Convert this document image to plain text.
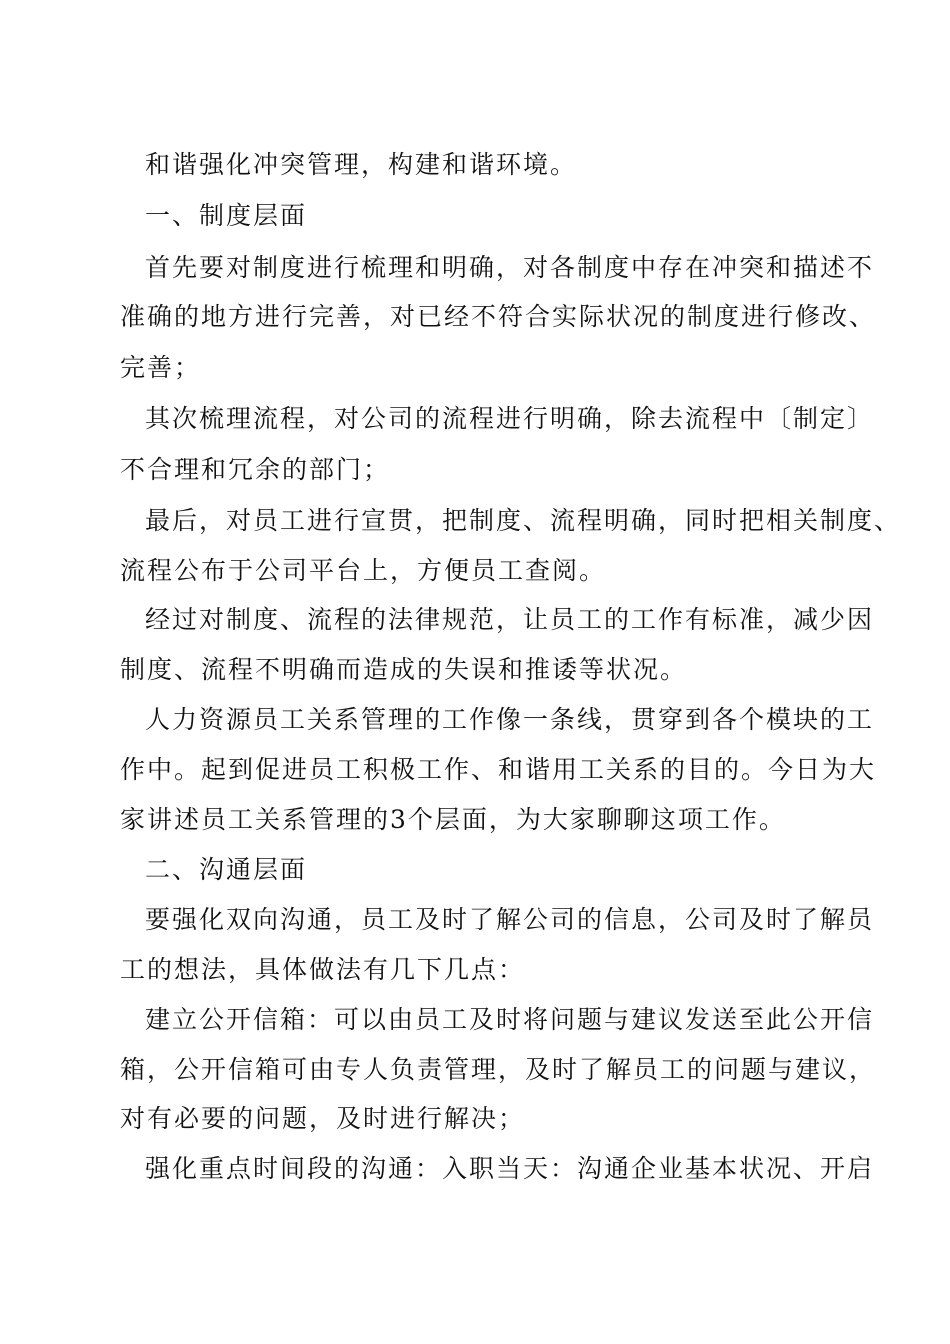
和谐强化冲突管理，构建和谐环境。
一、制度层面
首先要对制度进行梳理和明确，对各制度中存在冲突和描述不
准确的地方进行完善，对已经不符合实际状况的制度进行修改、
完善；
其次梳理流程，对公司的流程进行明确，除去流程中〔制定〕
不合理和冗余的部门；
最后，对员工进行宣贯，把制度、流程明确，同时把相关制度、
流程公布于公司平台上，方便员工查阅。
经过对制度、流程的法律规范，让员工的工作有标准，减少因
制度、流程不明确而造成的失误和推诿等状况。
人力资源员工关系管理的工作像一条线，贯穿到各个模块的工
作中。起到促进员工积极工作、和谐用工关系的目的。今日为大
家讲述员工关系管理的3个层面，为大家聊聊这项工作。
二、沟通层面
要强化双向沟通，员工及时了解公司的信息，公司及时了解员
工的想法，具体做法有几下几点：
建立公开信箱：可以由员工及时将问题与建议发送至此公开信
箱，公开信箱可由专人负责管理，及时了解员工的问题与建议，
对有必要的问题，及时进行解决；
强化重点时间段的沟通：入职当天：沟通企业基本状况、开启
